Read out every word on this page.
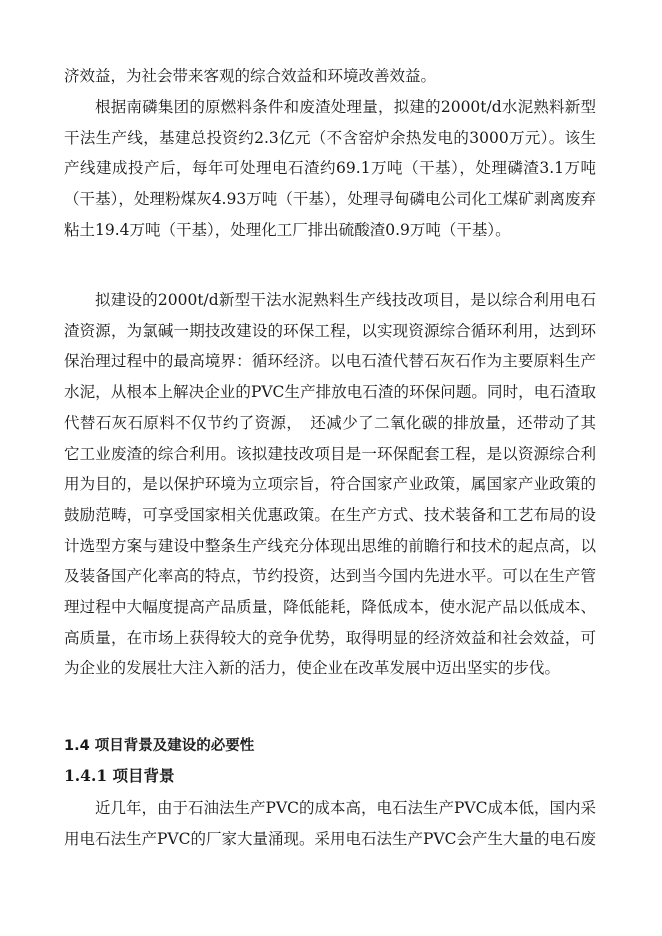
济效益，为社会带来客观的综合效益和环境改善效益。

根据南磷集团的原燃料条件和废渣处理量，拟建的2000t/d水泥熟料新型干法生产线，基建总投资约2.3亿元（不含窑炉余热发电的3000万元）。该生产线建成投产后，每年可处理电石渣约69.1万吨（干基），处理磷渣3.1万吨（干基），处理粉煤灰4.93万吨（干基），处理寻甸磷电公司化工煤矿剥离废弃粘土19.4万吨（干基），处理化工厂排出硫酸渣0.9万吨（干基）。

拟建设的2000t/d新型干法水泥熟料生产线技改项目，是以综合利用电石渣资源，为氯碱一期技改建设的环保工程，以实现资源综合循环利用，达到环保治理过程中的最高境界：循环经济。以电石渣代替石灰石作为主要原料生产水泥，从根本上解决企业的PVC生产排放电石渣的环保问题。同时，电石渣取代替石灰石原料不仅节约了资源，　还减少了二氧化碳的排放量，还带动了其它工业废渣的综合利用。该拟建技改项目是一环保配套工程，是以资源综合利用为目的，是以保护环境为立项宗旨，符合国家产业政策，属国家产业政策的鼓励范畴，可享受国家相关优惠政策。在生产方式、技术装备和工艺布局的设计选型方案与建设中整条生产线充分体现出思维的前瞻行和技术的起点高，以及装备国产化率高的特点，节约投资，达到当今国内先进水平。可以在生产管理过程中大幅度提高产品质量，降低能耗，降低成本，使水泥产品以低成本、高质量，在市场上获得较大的竞争优势，取得明显的经济效益和社会效益，可为企业的发展壮大注入新的活力，使企业在改革发展中迈出坚实的步伐。

1.4 项目背景及建设的必要性
1.4.1 项目背景

近几年，由于石油法生产PVC的成本高，电石法生产PVC成本低，国内采用电石法生产PVC的厂家大量涌现。采用电石法生产PVC会产生大量的电石废
